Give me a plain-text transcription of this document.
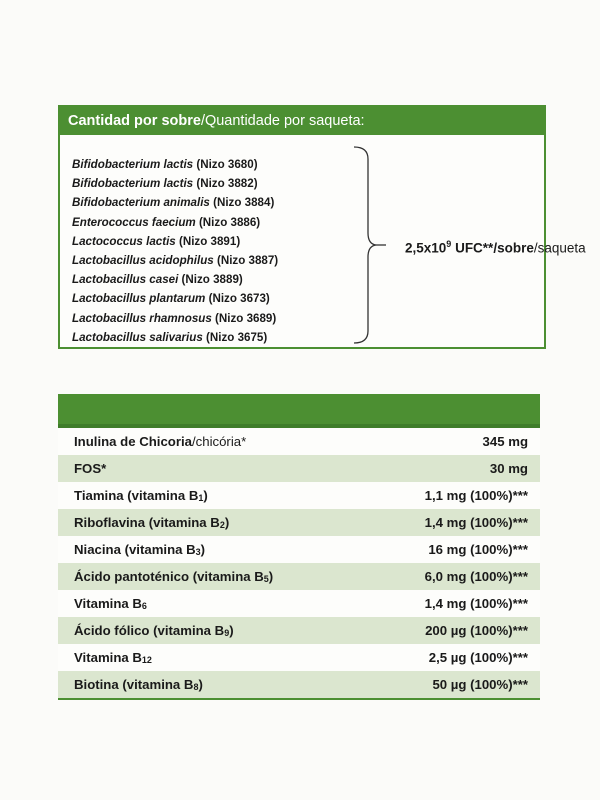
Cantidad por sobre/Quantidade por saqueta:
Bifidobacterium lactis (Nizo 3680)
Bifidobacterium lactis (Nizo 3882)
Bifidobacterium animalis (Nizo 3884)
Enterococcus faecium (Nizo 3886)
Lactococcus lactis (Nizo 3891)
Lactobacillus acidophilus (Nizo 3887)
Lactobacillus casei (Nizo 3889)
Lactobacillus plantarum (Nizo 3673)
Lactobacillus rhamnosus (Nizo 3689)
Lactobacillus salivarius (Nizo 3675)
$2,5x10^9$ UFC**/sobre/saqueta
Inulina de Chicoria/chicória*	345 mg
FOS*	30 mg
Tiamina (vitamina B1)	1,1 mg (100%)***
Riboflavina (vitamina B2)	1,4 mg (100%)***
Niacina (vitamina B3)	16 mg (100%)***
Ácido pantoténico (vitamina B5)	6,0 mg (100%)***
Vitamina B6	1,4 mg (100%)***
Ácido fólico (vitamina B9)	200 µg (100%)***
Vitamina B12	2,5 µg (100%)***
Biotina (vitamina B8)	50 µg (100%)***
